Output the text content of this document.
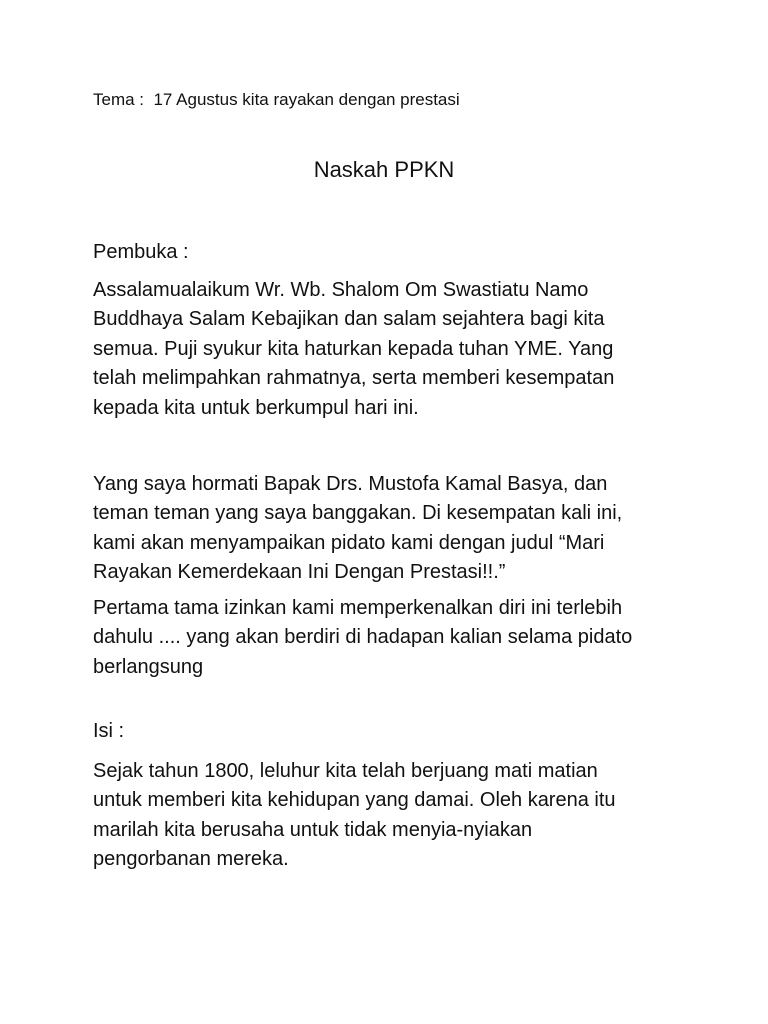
Tema :  17 Agustus kita rayakan dengan prestasi
Naskah PPKN
Pembuka :
Assalamualaikum Wr. Wb. Shalom Om Swastiatu Namo
Buddhaya Salam Kebajikan dan salam sejahtera bagi kita
semua. Puji syukur kita haturkan kepada tuhan YME. Yang
telah melimpahkan rahmatnya, serta memberi kesempatan
kepada kita untuk berkumpul hari ini.
Yang saya hormati Bapak Drs. Mustofa Kamal Basya, dan
teman teman yang saya banggakan. Di kesempatan kali ini,
kami akan menyampaikan pidato kami dengan judul “Mari
Rayakan Kemerdekaan Ini Dengan Prestasi!!.”
Pertama tama izinkan kami memperkenalkan diri ini terlebih
dahulu .... yang akan berdiri di hadapan kalian selama pidato
berlangsung
Isi :
Sejak tahun 1800, leluhur kita telah berjuang mati matian
untuk memberi kita kehidupan yang damai. Oleh karena itu
marilah kita berusaha untuk tidak menyia-nyiakan
pengorbanan mereka.
